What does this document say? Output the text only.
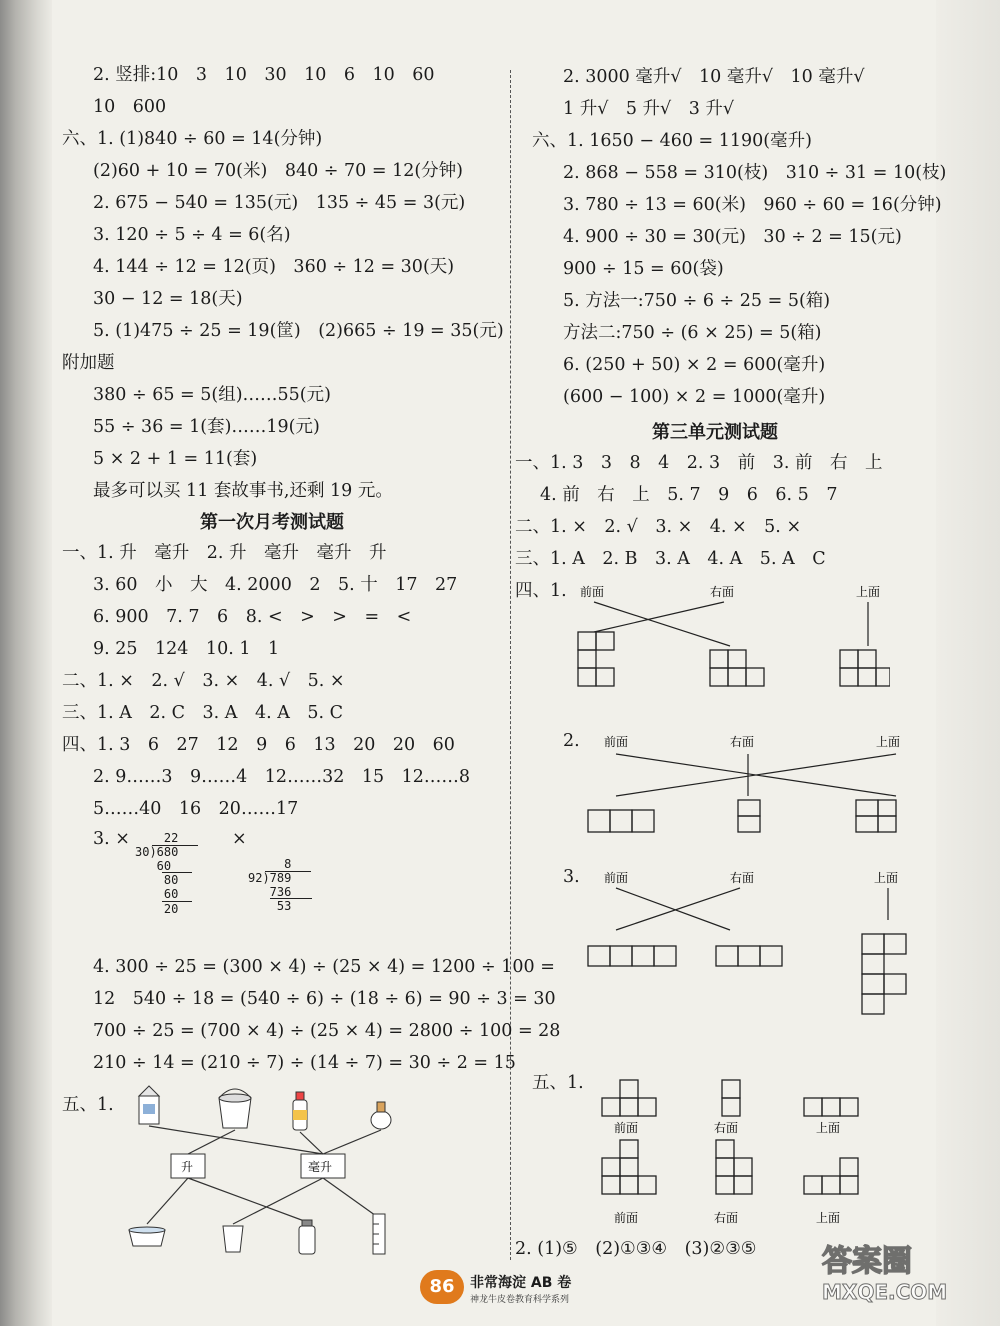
2. 竖排:10　3　10　30　10　6　10　60
10　600
六、1. (1)840 ÷ 60 = 14(分钟)
(2)60 + 10 = 70(米)　840 ÷ 70 = 12(分钟)
2. 675 − 540 = 135(元)　135 ÷ 45 = 3(元)
3. 120 ÷ 5 ÷ 4 = 6(名)
4. 144 ÷ 12 = 12(页)　360 ÷ 12 = 30(天)
30 − 12 = 18(天)
5. (1)475 ÷ 25 = 19(筐)　(2)665 ÷ 19 = 35(元)
附加题
380 ÷ 65 = 5(组)……55(元)
55 ÷ 36 = 1(套)……19(元)
5 × 2 + 1 = 11(套)
最多可以买 11 套故事书,还剩 19 元。
第一次月考测试题
一、1. 升　毫升　2. 升　毫升　毫升　升
3. 60　小　大　4. 2000　2　5. 十　17　27
6. 900　7. 7　6　8. <　>　>　=　<
9. 25　124　10. 1　1
二、1. ×　2. √　3. ×　4. √　5. ×
三、1. A　2. C　3. A　4. A　5. C
四、1. 3　6　27　12　9　6　13　20　20　60
2. 9……3　9……4　12……32　15　12……8
5……40　16　20……17
3. ×	×
22
30)680
60
80
60
20
8
92)789
736
53
4. 300 ÷ 25 = (300 × 4) ÷ (25 × 4) = 1200 ÷ 100 =
12　540 ÷ 18 = (540 ÷ 6) ÷ (18 ÷ 6) = 90 ÷ 3 = 30
700 ÷ 25 = (700 × 4) ÷ (25 × 4) = 2800 ÷ 100 = 28
210 ÷ 14 = (210 ÷ 7) ÷ (14 ÷ 7) = 30 ÷ 2 = 15
五、1.
升	毫升
2. 3000 毫升√　10 毫升√　10 毫升√
1 升√　5 升√　3 升√
六、1. 1650 − 460 = 1190(毫升)
2. 868 − 558 = 310(枝)　310 ÷ 31 = 10(枝)
3. 780 ÷ 13 = 60(米)　960 ÷ 60 = 16(分钟)
4. 900 ÷ 30 = 30(元)　30 ÷ 2 = 15(元)
900 ÷ 15 = 60(袋)
5. 方法一:750 ÷ 6 ÷ 25 = 5(箱)
方法二:750 ÷ (6 × 25) = 5(箱)
6. (250 + 50) × 2 = 600(毫升)
(600 − 100) × 2 = 1000(毫升)
第三单元测试题
一、1. 3　3　8　4　2. 3　前　3. 前　右　上
4. 前　右　上　5. 7　9　6　6. 5　7
二、1. ×　2. √　3. ×　4. ×　5. ×
三、1. A　2. B　3. A　4. A　5. A　C
四、1. 前面	右面	上面
2. 前面	右面	上面
3. 前面	右面	上面
五、1.
前面	右面	上面
前面	右面	上面
2. (1)⑤　(2)①③④　(3)②③⑤
86	非常海淀 AB 卷
神龙牛皮卷教育科学系列
答案圈
MXQE.COM
